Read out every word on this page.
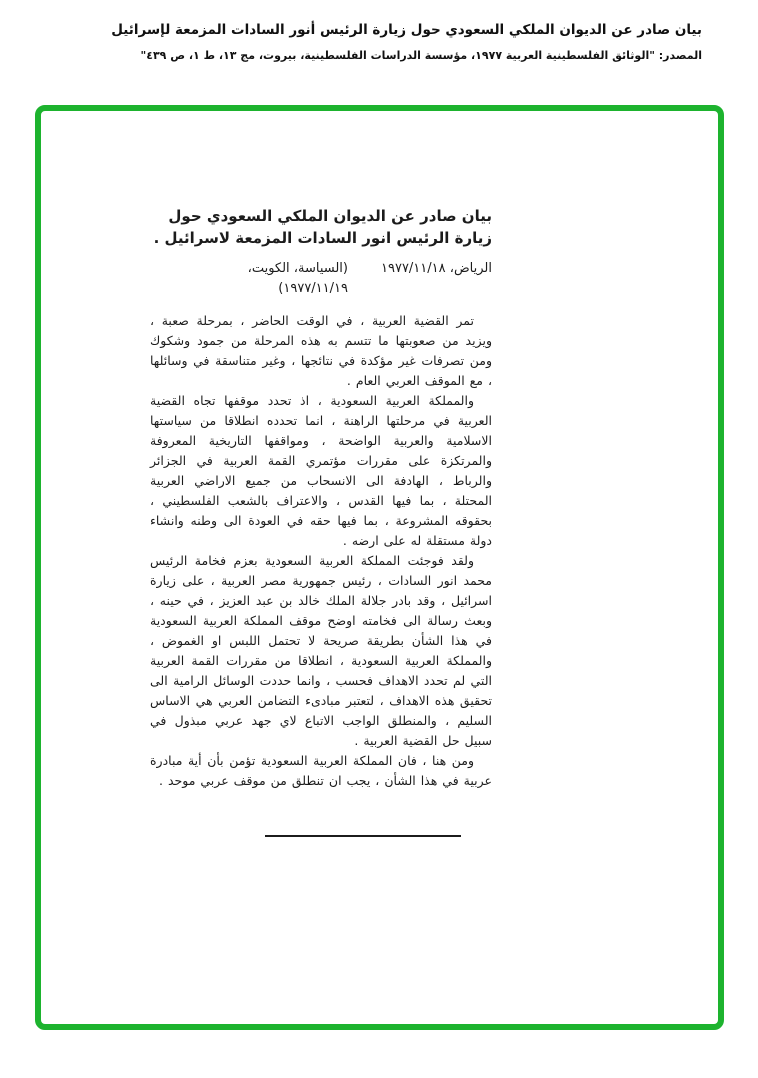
بيان صادر عن الديوان الملكي السعودي حول زيارة الرئيس أنور السادات المزمعة لإسرائيل
المصدر: "الوثائق الفلسطينية العربية ١٩٧٧، مؤسسة الدراسات الفلسطينية، بيروت، مج ١٣، ط ١، ص ٤٣٩"

بيان صادر عن الديوان الملكي السعودي حول زيارة الرئيس انور السادات المزمعة لاسرائيل .

الرياض، ١٩٧٧/١١/١٨
(السياسة، الكويت، ١٩٧٧/١١/١٩)

تمر القضية العربية ، في الوقت الحاضر ، بمرحلة صعبة ، ويزيد من صعوبتها ما تتسم به هذه المرحلة من جمود وشكوك ومن تصرفات غير مؤكدة في نتائجها ، وغير متناسقة في وسائلها ، مع الموقف العربي العام .

والمملكة العربية السعودية ، اذ تحدد موقفها تجاه القضية العربية في مرحلتها الراهنة ، انما تحدده انطلاقا من سياستها الاسلامية والعربية الواضحة ، ومواقفها التاريخية المعروفة والمرتكزة على مقررات مؤتمري القمة العربية في الجزائر والرباط ، الهادفة الى الانسحاب من جميع الاراضي العربية المحتلة ، بما فيها القدس ، والاعتراف بالشعب الفلسطيني ، بحقوقه المشروعة ، بما فيها حقه في العودة الى وطنه وانشاء دولة مستقلة له على ارضه .

ولقد فوجئت المملكة العربية السعودية بعزم فخامة الرئيس محمد انور السادات ، رئيس جمهورية مصر العربية ، على زيارة اسرائيل ، وقد بادر جلالة الملك خالد بن عبد العزيز ، في حينه ، وبعث رسالة الى فخامته اوضح موقف المملكة العربية السعودية في هذا الشأن بطريقة صريحة لا تحتمل اللبس او الغموض ، والمملكة العربية السعودية ، انطلاقا من مقررات القمة العربية التي لم تحدد الاهداف فحسب ، وانما حددت الوسائل الرامية الى تحقيق هذه الاهداف ، لتعتبر مبادىء التضامن العربي هي الاساس السليم ، والمنطلق الواجب الاتباع لاي جهد عربي مبذول في سبيل حل القضية العربية .

ومن هنا ، فان المملكة العربية السعودية تؤمن بأن أية مبادرة عربية في هذا الشأن ، يجب ان تنطلق من موقف عربي موحد .
